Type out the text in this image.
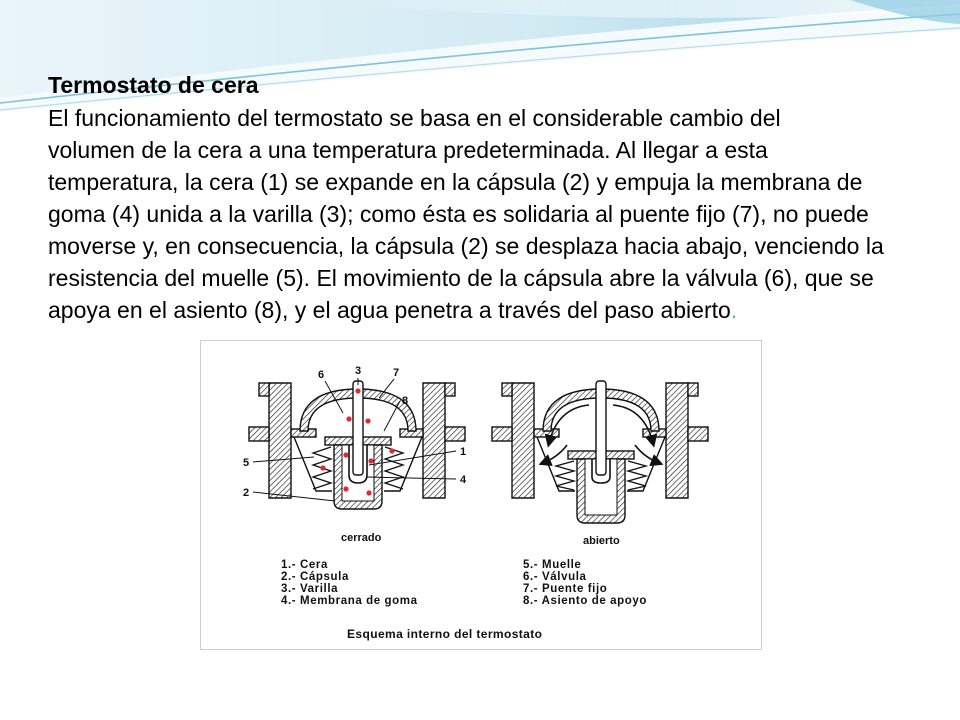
Termostato de cera
El funcionamiento del termostato se basa en el considerable cambio del
volumen de la cera a una temperatura predeterminada. Al llegar a esta
temperatura, la cera (1) se expande en la cápsula (2) y empuja la membrana de
goma (4) unida a la varilla (3); como ésta es solidaria al puente fijo (7), no puede
moverse y, en consecuencia, la cápsula (2) se desplaza hacia abajo, venciendo la
resistencia del muelle (5). El movimiento de la cápsula abre la válvula (6), que se
apoya en el asiento (8), y el agua penetra a través del paso abierto.
6	3	7
8
1
4
5
2
cerrado	abierto
1.- Cera
2.- Cápsula
3.- Varilla
4.- Membrana de goma
5.- Muelle
6.- Válvula
7.- Puente fijo
8.- Asiento de apoyo
Esquema interno del termostato
